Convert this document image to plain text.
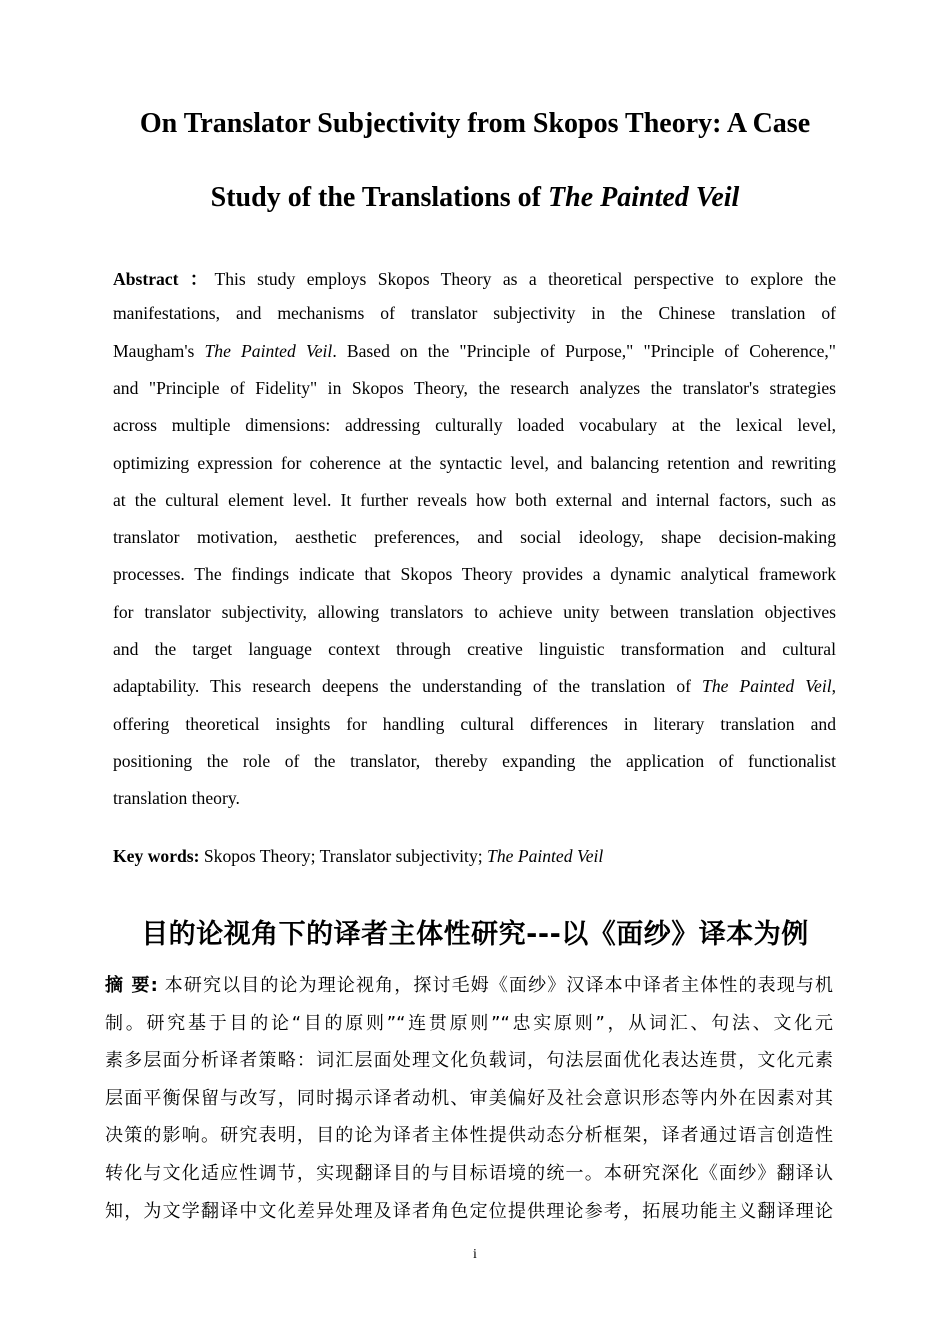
On Translator Subjectivity from Skopos Theory: A Case
Study of the Translations of The Painted Veil
Abstract ：This study employs Skopos Theory as a theoretical perspective to explore the
manifestations, and mechanisms of translator subjectivity in the Chinese translation of
Maugham's The Painted Veil. Based on the "Principle of Purpose," "Principle of Coherence,"
and "Principle of Fidelity" in Skopos Theory, the research analyzes the translator's strategies
across multiple dimensions: addressing culturally loaded vocabulary at the lexical level,
optimizing expression for coherence at the syntactic level, and balancing retention and rewriting
at the cultural element level. It further reveals how both external and internal factors, such as
translator motivation, aesthetic preferences, and social ideology, shape decision-making
processes. The findings indicate that Skopos Theory provides a dynamic analytical framework
for translator subjectivity, allowing translators to achieve unity between translation objectives
and the target language context through creative linguistic transformation and cultural
adaptability. This research deepens the understanding of the translation of The Painted Veil,
offering theoretical insights for handling cultural differences in literary translation and
positioning the role of the translator, thereby expanding the application of functionalist
translation theory.
Key words: Skopos Theory; Translator subjectivity; The Painted Veil
目的论视角下的译者主体性研究---以《面纱》译本为例
摘 要: 本研究以目的论为理论视角，探讨毛姆《面纱》汉译本中译者主体性的表现与机
制。研究基于目的论“目的原则”“连贯原则”“忠实原则”，从词汇、句法、文化元
素多层面分析译者策略：词汇层面处理文化负载词，句法层面优化表达连贯，文化元素
层面平衡保留与改写，同时揭示译者动机、审美偏好及社会意识形态等内外在因素对其
决策的影响。研究表明，目的论为译者主体性提供动态分析框架，译者通过语言创造性
转化与文化适应性调节，实现翻译目的与目标语境的统一。本研究深化《面纱》翻译认
知，为文学翻译中文化差异处理及译者角色定位提供理论参考，拓展功能主义翻译理论
i
